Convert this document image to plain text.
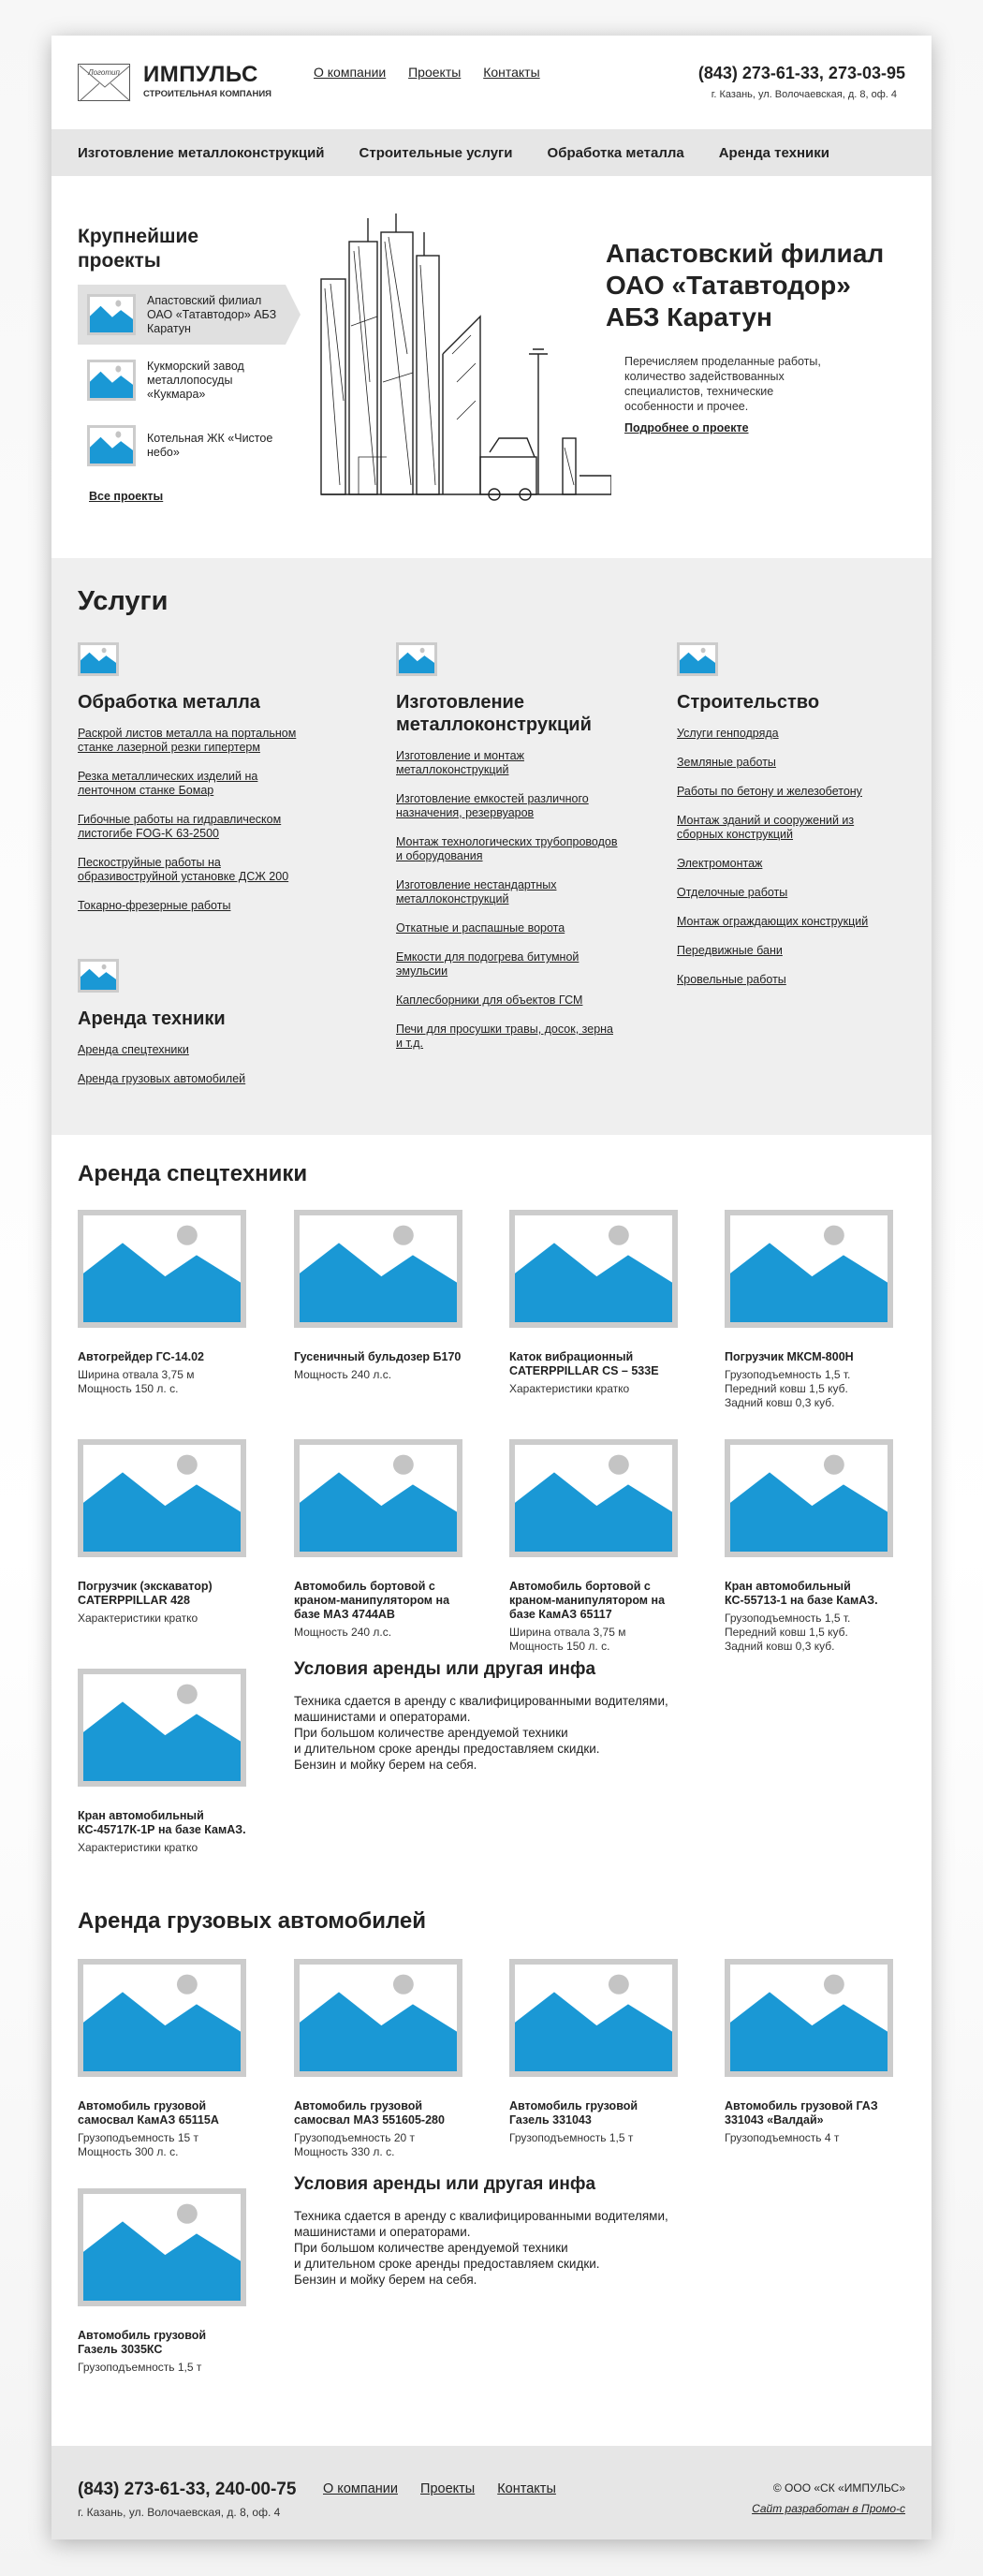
Логотип	ИМПУЛЬС
СТРОИТЕЛЬНАЯ КОМПАНИЯ
О компании Проекты Контакты	(843) 273-61-33, 273-03-95
г. Казань, ул. Волочаевская, д. 8, оф. 4
Изготовление металлоконструкций Строительные услуги Обработка металла Аренда техники
Крупнейшие проекты
Апастовский филиал ОАО «Татавтодор» АБЗ Каратун
Кукморский завод металлопосуды «Кукмара»
Котельная ЖК «Чистое небо»
Все проекты
Апастовский филиал ОАО «Татавтодор» АБЗ Каратун
Перечисляем проделанные работы, количество задействованных специалистов, технические особенности и прочее.
Подробнее о проекте
Услуги
Обработка металла
Раскрой листов металла на портальном станке лазерной резки гипертерм
Резка металлических изделий на ленточном станке Бомар
Гибочные работы на гидравлическом листогибе FOG-K 63-2500
Пескоструйные работы на образивоструйной установке ДСЖ 200
Токарно-фрезерные работы
Аренда техники
Аренда спецтехники
Аренда грузовых автомобилей
Изготовление металлоконструкций
Изготовление и монтаж металлоконструкций
Изготовление емкостей различного назначения, резервуаров
Монтаж технологических трубопроводов и оборудования
Изготовление нестандартных металлоконструкций
Откатные и распашные ворота
Емкости для подогрева битумной эмульсии
Каплесборники для объектов ГСМ
Печи для просушки травы, досок, зерна и т.д.
Строительство
Услуги генподряда
Земляные работы
Работы по бетону и железобетону
Монтаж зданий и сооружений из сборных конструкций
Электромонтаж
Отделочные работы
Монтаж ограждающих конструкций
Передвижные бани
Кровельные работы
Аренда спецтехники
Автогрейдер ГС-14.02
Ширина отвала 3,75 м
Мощность 150 л. с.
Гусеничный бульдозер Б170
Мощность 240 л.с.
Каток вибрационный CATERPPILLAR CS – 533E
Характеристики кратко
Погрузчик МКСМ-800Н
Грузоподъемность 1,5 т.
Передний ковш 1,5 куб.
Задний ковш 0,3 куб.
Погрузчик (экскаватор) CATERPPILLAR 428
Характеристики кратко
Автомобиль бортовой с краном-манипулятором на базе МАЗ 4744АВ
Мощность 240 л.с.
Автомобиль бортовой с краном-манипулятором на базе КамАЗ 65117
Ширина отвала 3,75 м
Мощность 150 л. с.
Кран автомобильный КС-55713-1 на базе КамАЗ.
Грузоподъемность 1,5 т.
Передний ковш 1,5 куб.
Задний ковш 0,3 куб.
Кран автомобильный КС-45717К-1Р на базе КамАЗ.
Характеристики кратко
Условия аренды или другая инфа

Техника сдается в аренду с квалифицированными водителями, машинистами и операторами.
При большом количестве арендуемой техники
и длительном сроке аренды предоставляем скидки.
Бензин и мойку берем на себя.

Аренда грузовых автомобилей
Автомобиль грузовой самосвал КамАЗ 65115А
Грузоподъемность 15 т
Мощность 300 л. с.
Автомобиль грузовой самосвал МАЗ 551605-280
Грузоподъемность 20 т
Мощность 330 л. с.
Автомобиль грузовой Газель 331043
Грузоподъемность 1,5 т
Автомобиль грузовой ГАЗ 331043 «Валдай»
Грузоподъемность 4 т
Автомобиль грузовой Газель 3035КС
Грузоподъемность 1,5 т
Условия аренды или другая инфа

Техника сдается в аренду с квалифицированными водителями, машинистами и операторами.
При большом количестве арендуемой техники
и длительном сроке аренды предоставляем скидки.
Бензин и мойку берем на себя.

(843) 273-61-33, 240-00-75
г. Казань, ул. Волочаевская, д. 8, оф. 4
О компании Проекты Контакты	© ООО «СК «ИМПУЛЬС»
Сайт разработан в Промо-с
